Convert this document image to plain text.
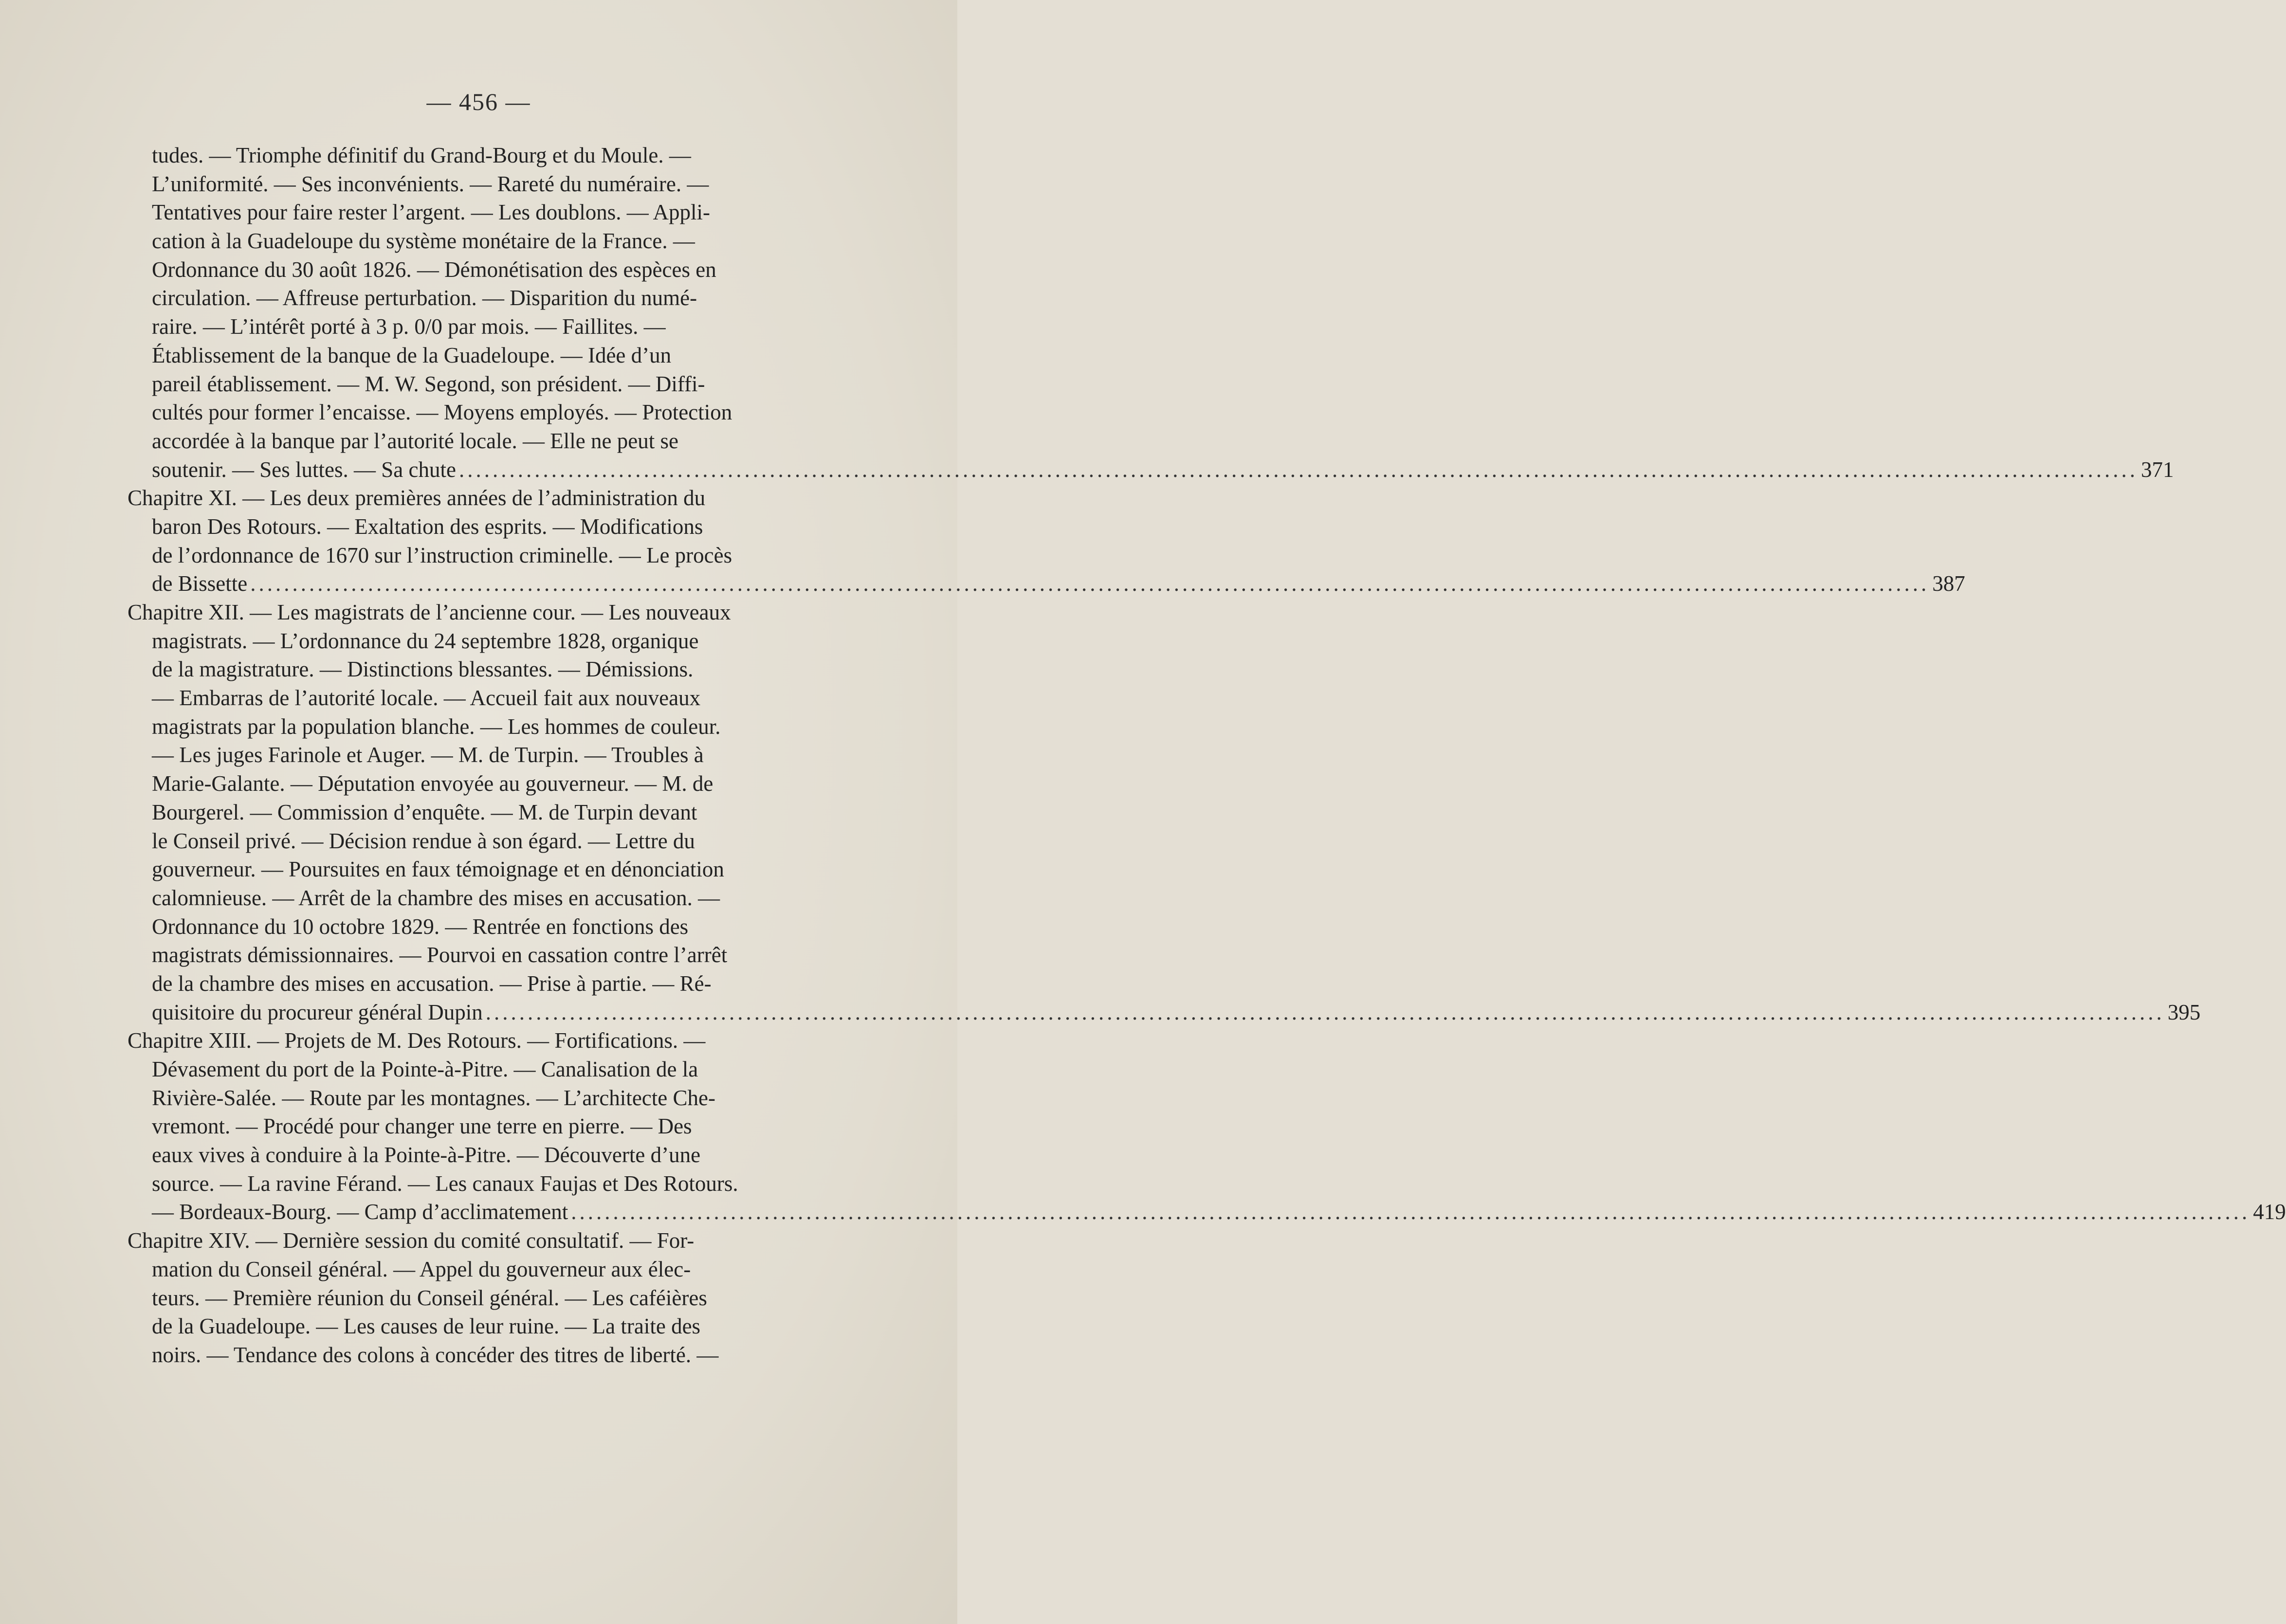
— 456 —
tudes. — Triomphe définitif du Grand-Bourg et du Moule. —
L’uniformité. — Ses inconvénients. — Rareté du numéraire. —
Tentatives pour faire rester l’argent. — Les doublons. — Appli-
cation à la Guadeloupe du système monétaire de la France. —
Ordonnance du 30 août 1826. — Démonétisation des espèces en
circulation. — Affreuse perturbation. — Disparition du numé-
raire. — L’intérêt porté à 3 p. 0/0 par mois. — Faillites. —
Établissement de la banque de la Guadeloupe. — Idée d’un
pareil établissement. — M. W. Segond, son président. — Diffi-
cultés pour former l’encaisse. — Moyens employés. — Protection
accordée à la banque par l’autorité locale. — Elle ne peut se
soutenir. — Ses luttes. — Sa chute ........................................................................................................................................................................................................ 371
Chapitre XI. — Les deux premières années de l’administration du
baron Des Rotours. — Exaltation des esprits. — Modifications
de l’ordonnance de 1670 sur l’instruction criminelle. — Le procès
de Bissette ........................................................................................................................................................................................................ 387
Chapitre XII. — Les magistrats de l’ancienne cour. — Les nouveaux
magistrats. — L’ordonnance du 24 septembre 1828, organique
de la magistrature. — Distinctions blessantes. — Démissions.
— Embarras de l’autorité locale. — Accueil fait aux nouveaux
magistrats par la population blanche. — Les hommes de couleur.
— Les juges Farinole et Auger. — M. de Turpin. — Troubles à
Marie-Galante. — Députation envoyée au gouverneur. — M. de
Bourgerel. — Commission d’enquête. — M. de Turpin devant
le Conseil privé. — Décision rendue à son égard. — Lettre du
gouverneur. — Poursuites en faux témoignage et en dénonciation
calomnieuse. — Arrêt de la chambre des mises en accusation. —
Ordonnance du 10 octobre 1829. — Rentrée en fonctions des
magistrats démissionnaires. — Pourvoi en cassation contre l’arrêt
de la chambre des mises en accusation. — Prise à partie. — Ré-
quisitoire du procureur général Dupin ........................................................................................................................................................................................................ 395
Chapitre XIII. — Projets de M. Des Rotours. — Fortifications. —
Dévasement du port de la Pointe-à-Pitre. — Canalisation de la
Rivière-Salée. — Route par les montagnes. — L’architecte Che-
vremont. — Procédé pour changer une terre en pierre. — Des
eaux vives à conduire à la Pointe-à-Pitre. — Découverte d’une
source. — La ravine Férand. — Les canaux Faujas et Des Rotours.
— Bordeaux-Bourg. — Camp d’acclimatement ........................................................................................................................................................................................................ 419
Chapitre XIV. — Dernière session du comité consultatif. — For-
mation du Conseil général. — Appel du gouverneur aux élec-
teurs. — Première réunion du Conseil général. — Les caféières
de la Guadeloupe. — Les causes de leur ruine. — La traite des
noirs. — Tendance des colons à concéder des titres de liberté. —
